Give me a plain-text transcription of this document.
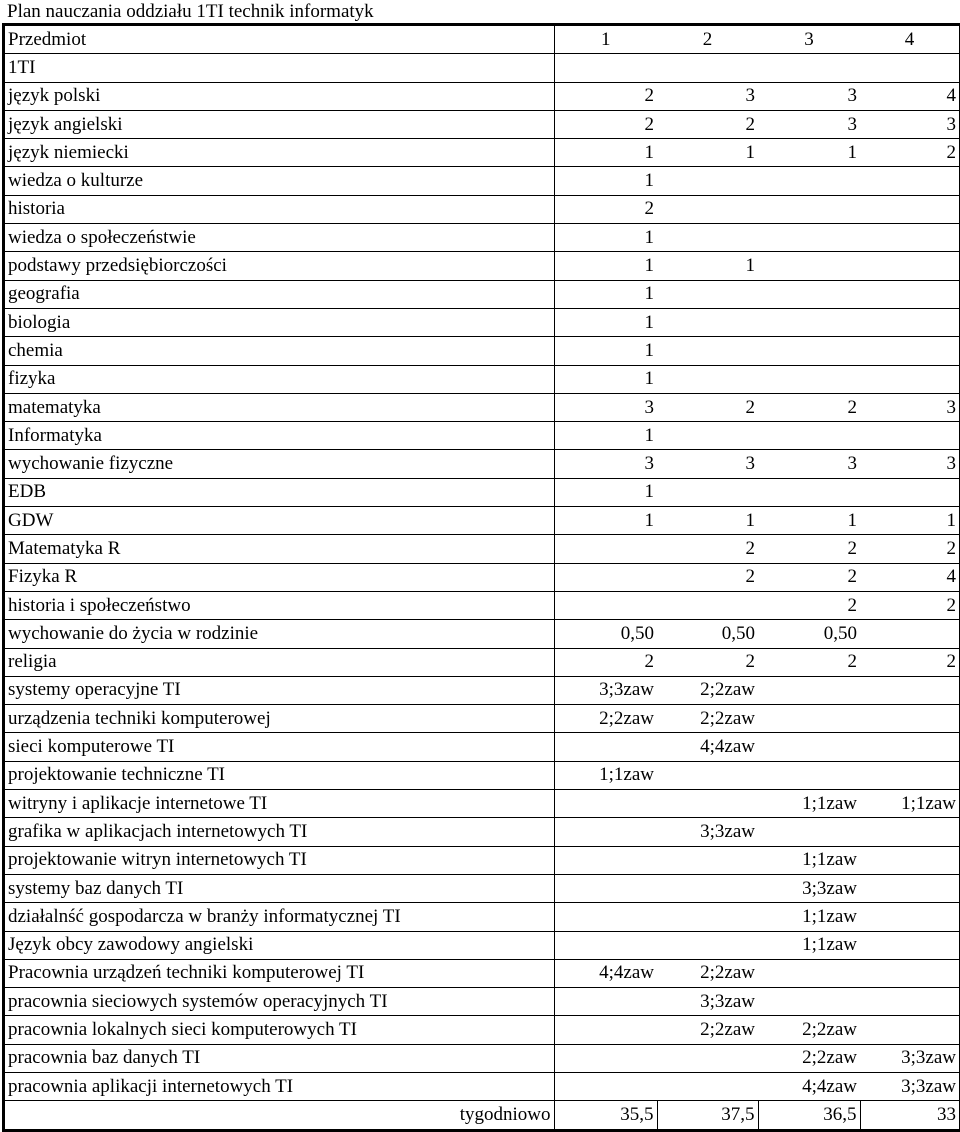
Plan nauczania oddziału 1TI technik informatyk
Przedmiot	1	2	3	4
1TI				
język polski	2	3	3	4
język angielski	2	2	3	3
język niemiecki	1	1	1	2
wiedza o kulturze	1			
historia	2			
wiedza o społeczeństwie	1			
podstawy przedsiębiorczości	1	1		
geografia	1			
biologia	1			
chemia	1			
fizyka	1			
matematyka	3	2	2	3
Informatyka	1			
wychowanie fizyczne	3	3	3	3
EDB	1			
GDW	1	1	1	1
Matematyka R		2	2	2
Fizyka R		2	2	4
historia i społeczeństwo			2	2
wychowanie do życia w rodzinie	0,50	0,50	0,50	
religia	2	2	2	2
systemy operacyjne TI	3;3zaw	2;2zaw		
urządzenia techniki komputerowej	2;2zaw	2;2zaw		
sieci komputerowe TI		4;4zaw		
projektowanie techniczne TI	1;1zaw			
witryny i aplikacje internetowe TI			1;1zaw	1;1zaw
grafika w aplikacjach internetowych TI		3;3zaw		
projektowanie witryn internetowych TI			1;1zaw	
systemy baz danych TI			3;3zaw	
działalnść gospodarcza w branży informatycznej TI			1;1zaw	
Język obcy zawodowy angielski			1;1zaw	
Pracownia urządzeń techniki komputerowej TI	4;4zaw	2;2zaw		
pracownia sieciowych systemów operacyjnych TI		3;3zaw		
pracownia lokalnych sieci komputerowych TI		2;2zaw	2;2zaw	
pracownia baz danych TI			2;2zaw	3;3zaw
pracownia aplikacji internetowych TI			4;4zaw	3;3zaw
tygodniowo	35,5	37,5	36,5	33
